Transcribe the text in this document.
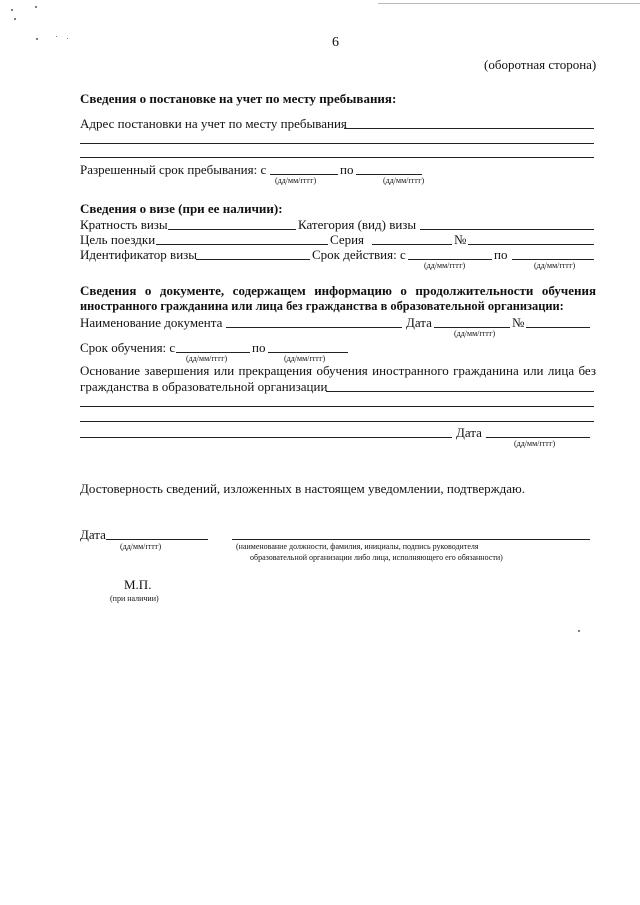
6
(оборотная сторона)
Сведения о постановке на учет по месту пребывания:
Адрес постановки на учет по месту пребывания
Разрешенный срок пребывания: с	по
(дд/мм/гггг)	(дд/мм/гггг)
Сведения о визе (при ее наличии):
Кратность визы	Категория (вид) визы
Цель поездки	Серия	№
Идентификатор визы	Срок действия: с	по
(дд/мм/гггг)	(дд/мм/гггг)
Сведения о документе, содержащем информацию о продолжительности обучения
иностранного гражданина или лица без гражданства в образовательной организации:
Наименование документа	Дата	№
(дд/мм/гггг)
Срок обучения: с	по
(дд/мм/гггг)	(дд/мм/гггг)
Основание завершения или прекращения обучения иностранного гражданина или лица без
гражданства в образовательной организации
Дата
(дд/мм/гггг)
Достоверность сведений, изложенных в настоящем уведомлении, подтверждаю.
Дата
(дд/мм/гггг)	(наименование должности, фамилия, инициалы, подпись руководителя
образовательной организации либо лица, исполняющего его обязанности)
М.П.
(при наличии)
